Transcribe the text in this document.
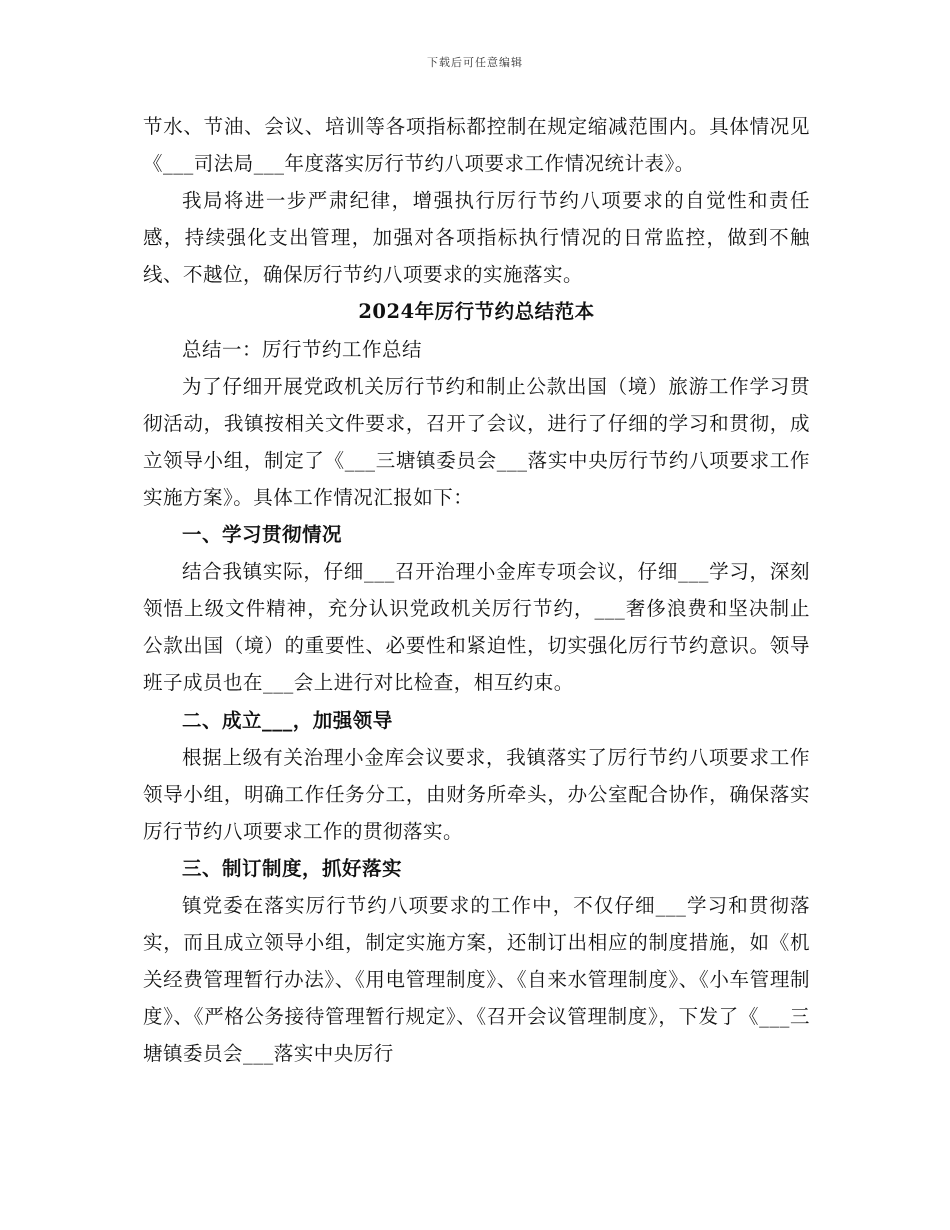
下载后可任意编辑

节水、节油、会议、培训等各项指标都控制在规定缩减范围内。具体情况见《___司法局___年度落实厉行节约八项要求工作情况统计表》。

我局将进一步严肃纪律，增强执行厉行节约八项要求的自觉性和责任感，持续强化支出管理，加强对各项指标执行情况的日常监控，做到不触线、不越位，确保厉行节约八项要求的实施落实。

2024年厉行节约总结范本

总结一：厉行节约工作总结

为了仔细开展党政机关厉行节约和制止公款出国（境）旅游工作学习贯彻活动，我镇按相关文件要求，召开了会议，进行了仔细的学习和贯彻，成立领导小组，制定了《___三塘镇委员会___落实中央厉行节约八项要求工作实施方案》。具体工作情况汇报如下：

一、学习贯彻情况

结合我镇实际，仔细___召开治理小金库专项会议，仔细___学习，深刻领悟上级文件精神，充分认识党政机关厉行节约，___奢侈浪费和坚决制止公款出国（境）的重要性、必要性和紧迫性，切实强化厉行节约意识。领导班子成员也在___会上进行对比检查，相互约束。

二、成立___，加强领导

根据上级有关治理小金库会议要求，我镇落实了厉行节约八项要求工作领导小组，明确工作任务分工，由财务所牵头，办公室配合协作，确保落实厉行节约八项要求工作的贯彻落实。

三、制订制度，抓好落实

镇党委在落实厉行节约八项要求的工作中，不仅仔细___学习和贯彻落实，而且成立领导小组，制定实施方案，还制订出相应的制度措施，如《机关经费管理暂行办法》、《用电管理制度》、《自来水管理制度》、《小车管理制度》、《严格公务接待管理暂行规定》、《召开会议管理制度》，下发了《___三塘镇委员会___落实中央厉行
